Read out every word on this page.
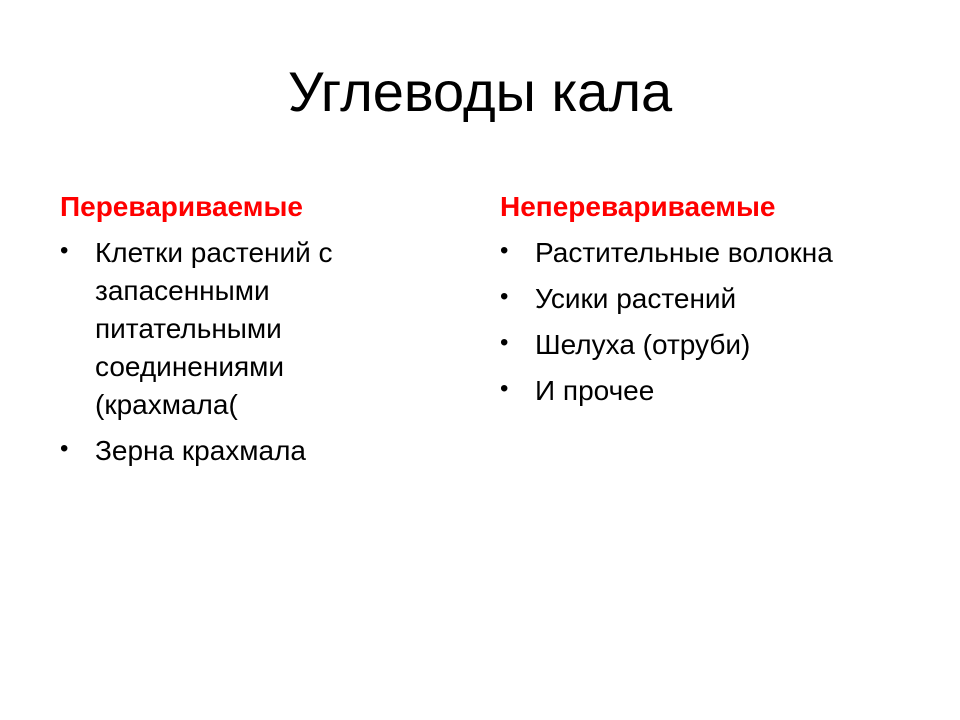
Углеводы кала
Перевариваемые
• Клетки растений с запасенными питательными соединениями (крахмала(
• Зерна крахмала
Неперевариваемые
• Растительные волокна
• Усики растений
• Шелуха (отруби)
• И прочее
